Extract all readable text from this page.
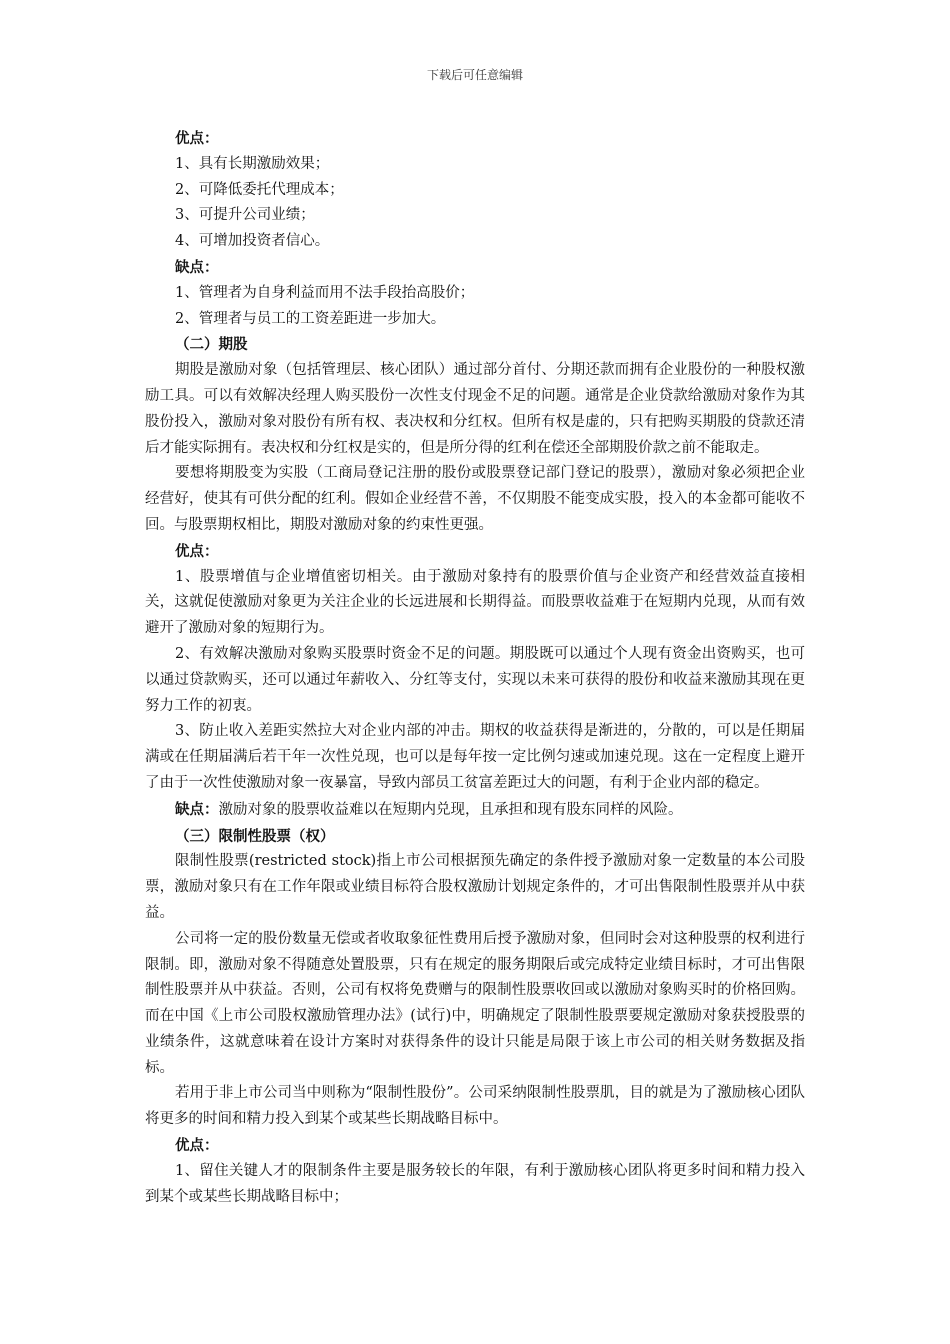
下载后可任意编辑

优点：

1、具有长期激励效果；

2、可降低委托代理成本；

3、可提升公司业绩；

4、可增加投资者信心。

缺点：

1、管理者为自身利益而用不法手段抬高股价；

2、管理者与员工的工资差距进一步加大。

（二）期股

期股是激励对象（包括管理层、核心团队）通过部分首付、分期还款而拥有企业股份的一种股权激励工具。可以有效解决经理人购买股份一次性支付现金不足的问题。通常是企业贷款给激励对象作为其股份投入，激励对象对股份有所有权、表决权和分红权。但所有权是虚的，只有把购买期股的贷款还清后才能实际拥有。表决权和分红权是实的，但是所分得的红利在偿还全部期股价款之前不能取走。

要想将期股变为实股（工商局登记注册的股份或股票登记部门登记的股票），激励对象必须把企业经营好，使其有可供分配的红利。假如企业经营不善，不仅期股不能变成实股，投入的本金都可能收不回。与股票期权相比，期股对激励对象的约束性更强。

优点：

1、股票增值与企业增值密切相关。由于激励对象持有的股票价值与企业资产和经营效益直接相关，这就促使激励对象更为关注企业的长远进展和长期得益。而股票收益难于在短期内兑现，从而有效避开了激励对象的短期行为。

2、有效解决激励对象购买股票时资金不足的问题。期股既可以通过个人现有资金出资购买，也可以通过贷款购买，还可以通过年薪收入、分红等支付，实现以未来可获得的股份和收益来激励其现在更努力工作的初衷。

3、防止收入差距实然拉大对企业内部的冲击。期权的收益获得是渐进的，分散的，可以是任期届满或在任期届满后若干年一次性兑现，也可以是每年按一定比例匀速或加速兑现。这在一定程度上避开了由于一次性使激励对象一夜暴富，导致内部员工贫富差距过大的问题，有利于企业内部的稳定。

缺点：激励对象的股票收益难以在短期内兑现，且承担和现有股东同样的风险。

（三）限制性股票（权）

限制性股票(restricted stock)指上市公司根据预先确定的条件授予激励对象一定数量的本公司股票，激励对象只有在工作年限或业绩目标符合股权激励计划规定条件的，才可出售限制性股票并从中获益。

公司将一定的股份数量无偿或者收取象征性费用后授予激励对象，但同时会对这种股票的权利进行限制。即，激励对象不得随意处置股票，只有在规定的服务期限后或完成特定业绩目标时，才可出售限制性股票并从中获益。否则，公司有权将免费赠与的限制性股票收回或以激励对象购买时的价格回购。而在中国《上市公司股权激励管理办法》(试行)中，明确规定了限制性股票要规定激励对象获授股票的业绩条件，这就意味着在设计方案时对获得条件的设计只能是局限于该上市公司的相关财务数据及指标。

若用于非上市公司当中则称为“限制性股份”。公司采纳限制性股票肌，目的就是为了激励核心团队将更多的时间和精力投入到某个或某些长期战略目标中。

优点：

1、留住关键人才的限制条件主要是服务较长的年限，有利于激励核心团队将更多时间和精力投入到某个或某些长期战略目标中；
